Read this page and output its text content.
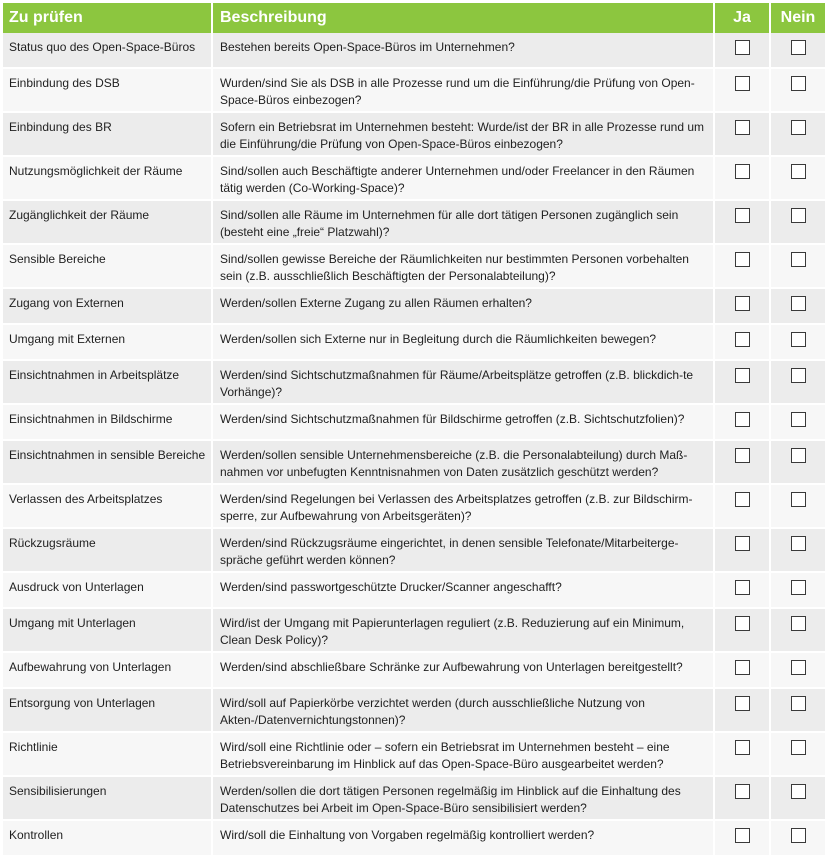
Zu prüfen	Beschreibung	Ja	Nein
Status quo des Open-Space-Büros	Bestehen bereits Open-Space-Büros im Unternehmen?
Einbindung des DSB	Wurden/sind Sie als DSB in alle Prozesse rund um die Einführung/die Prüfung von Open-Space-Büros einbezogen?
Einbindung des BR	Sofern ein Betriebsrat im Unternehmen besteht: Wurde/ist der BR in alle Prozesse rund um die Einführung/die Prüfung von Open-Space-Büros einbezogen?
Nutzungsmöglichkeit der Räume	Sind/sollen auch Beschäftigte anderer Unternehmen und/oder Freelancer in den Räumen tätig werden (Co-Working-Space)?
Zugänglichkeit der Räume	Sind/sollen alle Räume im Unternehmen für alle dort tätigen Personen zugänglich sein (besteht eine „freie“ Platzwahl)?
Sensible Bereiche	Sind/sollen gewisse Bereiche der Räumlichkeiten nur bestimmten Personen vorbehalten sein (z.B. ausschließlich Beschäftigten der Personalabteilung)?
Zugang von Externen	Werden/sollen Externe Zugang zu allen Räumen erhalten?
Umgang mit Externen	Werden/sollen sich Externe nur in Begleitung durch die Räumlichkeiten bewegen?
Einsichtnahmen in Arbeitsplätze	Werden/sind Sichtschutzmaßnahmen für Räume/Arbeitsplätze getroffen (z.B. blickdich-te Vorhänge)?
Einsichtnahmen in Bildschirme	Werden/sind Sichtschutzmaßnahmen für Bildschirme getroffen (z.B. Sichtschutzfolien)?
Einsichtnahmen in sensible Bereiche	Werden/sollen sensible Unternehmensbereiche (z.B. die Personalabteilung) durch Maß-nahmen vor unbefugten Kenntnisnahmen von Daten zusätzlich geschützt werden?
Verlassen des Arbeitsplatzes	Werden/sind Regelungen bei Verlassen des Arbeitsplatzes getroffen (z.B. zur Bildschirm-sperre, zur Aufbewahrung von Arbeitsgeräten)?
Rückzugsräume	Werden/sind Rückzugsräume eingerichtet, in denen sensible Telefonate/Mitarbeiterge-spräche geführt werden können?
Ausdruck von Unterlagen	Werden/sind passwortgeschützte Drucker/Scanner angeschafft?
Umgang mit Unterlagen	Wird/ist der Umgang mit Papierunterlagen reguliert (z.B. Reduzierung auf ein Minimum, Clean Desk Policy)?
Aufbewahrung von Unterlagen	Werden/sind abschließbare Schränke zur Aufbewahrung von Unterlagen bereitgestellt?
Entsorgung von Unterlagen	Wird/soll auf Papierkörbe verzichtet werden (durch ausschließliche Nutzung von Akten-/Datenvernichtungstonnen)?
Richtlinie	Wird/soll eine Richtlinie oder – sofern ein Betriebsrat im Unternehmen besteht – eine Betriebsvereinbarung im Hinblick auf das Open-Space-Büro ausgearbeitet werden?
Sensibilisierungen	Werden/sollen die dort tätigen Personen regelmäßig im Hinblick auf die Einhaltung des Datenschutzes bei Arbeit im Open-Space-Büro sensibilisiert werden?
Kontrollen	Wird/soll die Einhaltung von Vorgaben regelmäßig kontrolliert werden?
